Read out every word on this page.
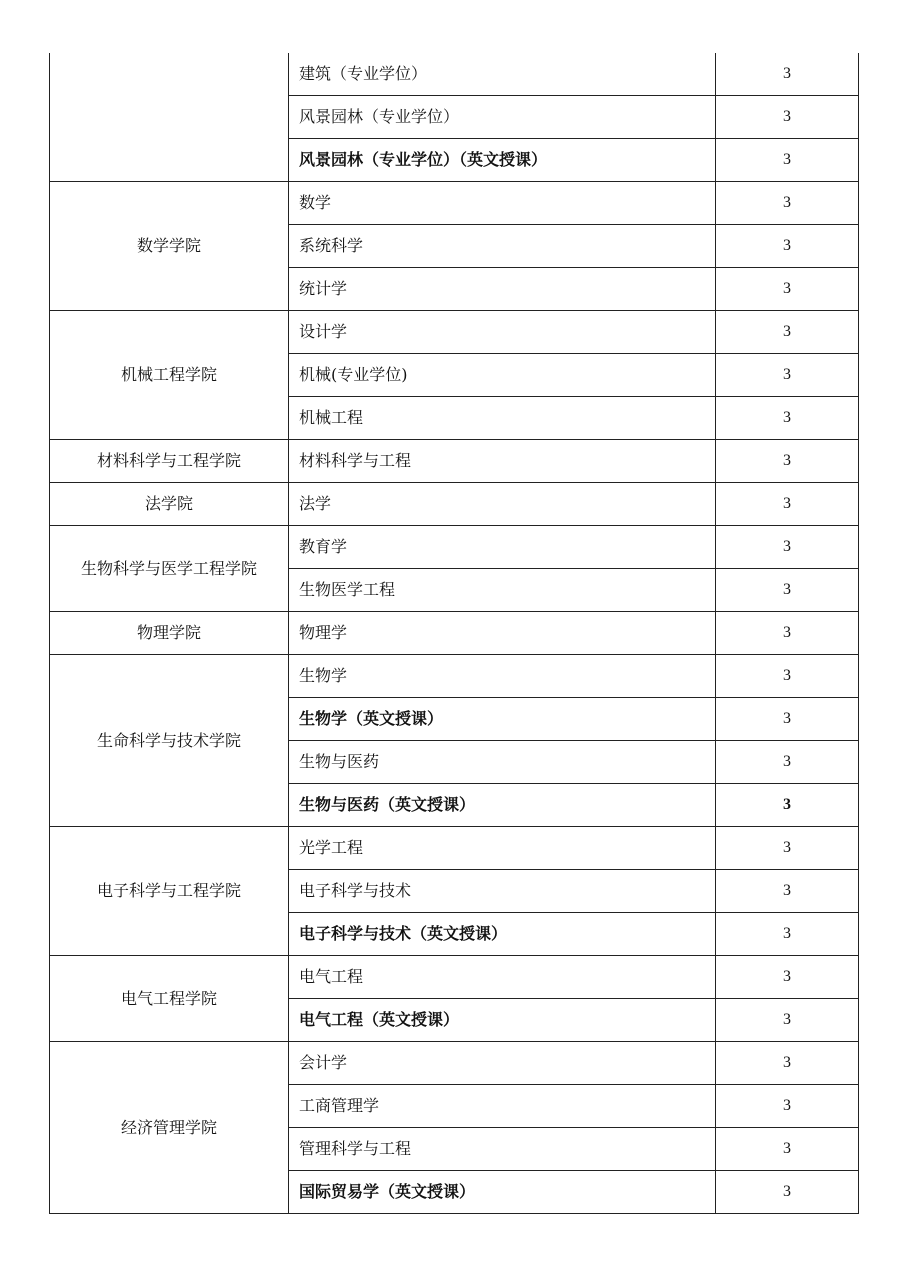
	建筑（专业学位）	3
	风景园林（专业学位）	3
	风景园林（专业学位）（英文授课）	3
数学学院	数学	3
	系统科学	3
	统计学	3
机械工程学院	设计学	3
	机械(专业学位)	3
	机械工程	3
材料科学与工程学院	材料科学与工程	3
法学院	法学	3
生物科学与医学工程学院	教育学	3
	生物医学工程	3
物理学院	物理学	3
生命科学与技术学院	生物学	3
	生物学（英文授课）	3
	生物与医药	3
	生物与医药（英文授课）	3
电子科学与工程学院	光学工程	3
	电子科学与技术	3
	电子科学与技术（英文授课）	3
电气工程学院	电气工程	3
	电气工程（英文授课）	3
经济管理学院	会计学	3
	工商管理学	3
	管理科学与工程	3
	国际贸易学（英文授课）	3
